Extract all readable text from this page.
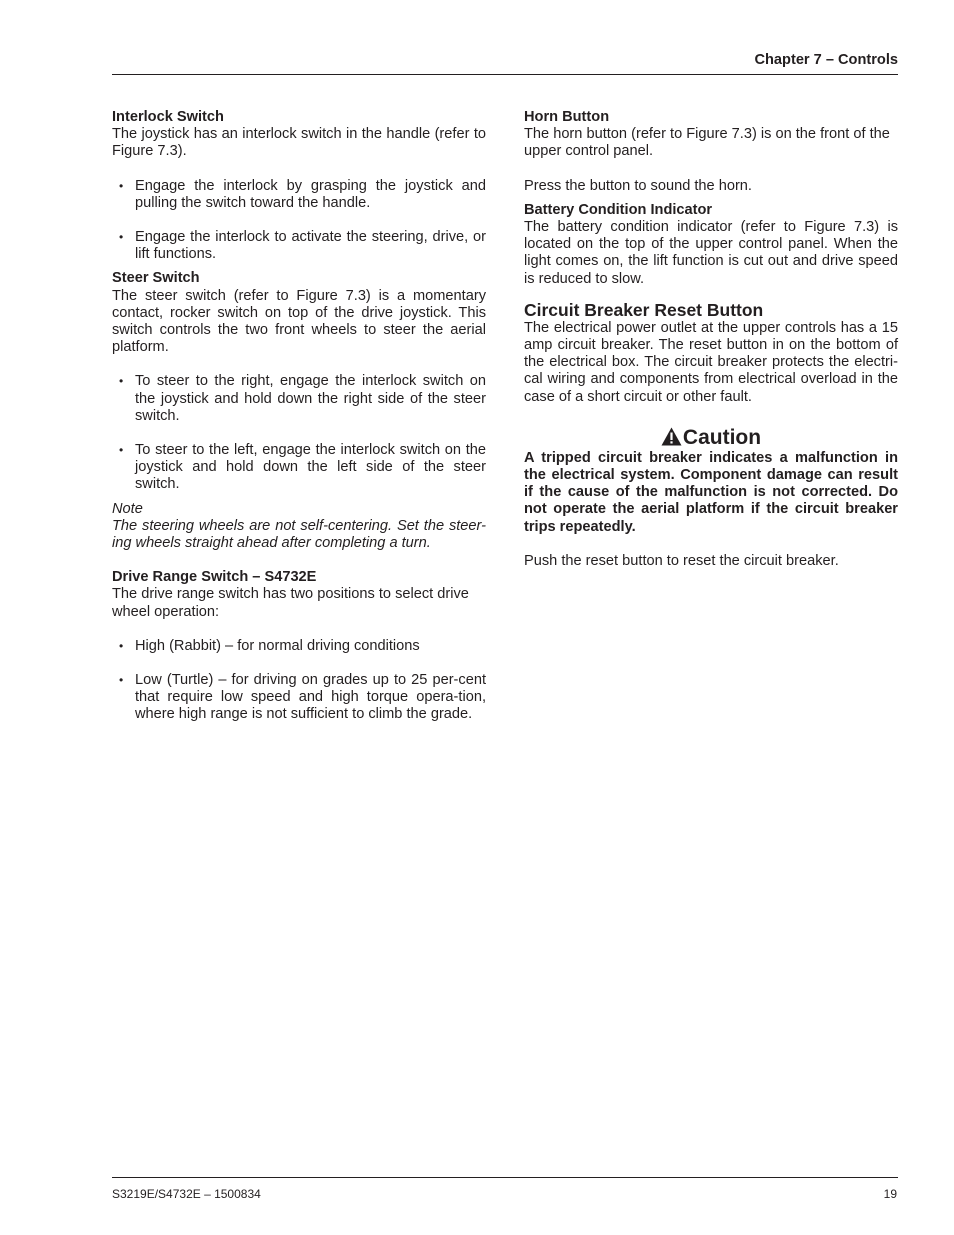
Chapter 7 – Controls
Interlock Switch

The joystick has an interlock switch in the handle (refer to Figure 7.3).

• Engage the interlock by grasping the joystick and pulling the switch toward the handle.
• Engage the interlock to activate the steering, drive, or lift functions.
Steer Switch

The steer switch (refer to Figure 7.3) is a momentary contact, rocker switch on top of the drive joystick. This switch controls the two front wheels to steer the aerial platform.

• To steer to the right, engage the interlock switch on the joystick and hold down the right side of the steer switch.
• To steer to the left, engage the interlock switch on the joystick and hold down the left side of the steer switch.

Note

The steering wheels are not self-centering. Set the steer-ing wheels straight ahead after completing a turn.

Drive Range Switch – S4732E

The drive range switch has two positions to select drive wheel operation:

• High (Rabbit) – for normal driving conditions
• Low (Turtle) – for driving on grades up to 25 per-cent that require low speed and high torque opera-tion, where high range is not sufficient to climb the grade.
Horn Button

The horn button (refer to Figure 7.3) is on the front of the upper control panel.

Press the button to sound the horn.

Battery Condition Indicator

The battery condition indicator (refer to Figure 7.3) is located on the top of the upper control panel. When the light comes on, the lift function is cut out and drive speed is reduced to slow.

Circuit Breaker Reset Button

The electrical power outlet at the upper controls has a 15 amp circuit breaker. The reset button in on the bottom of the electrical box. The circuit breaker protects the electri-cal wiring and components from electrical overload in the case of a short circuit or other fault.

Caution

A tripped circuit breaker indicates a malfunction in the electrical system. Component damage can result if the cause of the malfunction is not corrected. Do not operate the aerial platform if the circuit breaker trips repeatedly.

Push the reset button to reset the circuit breaker.

S3219E/S4732E – 1500834	19
